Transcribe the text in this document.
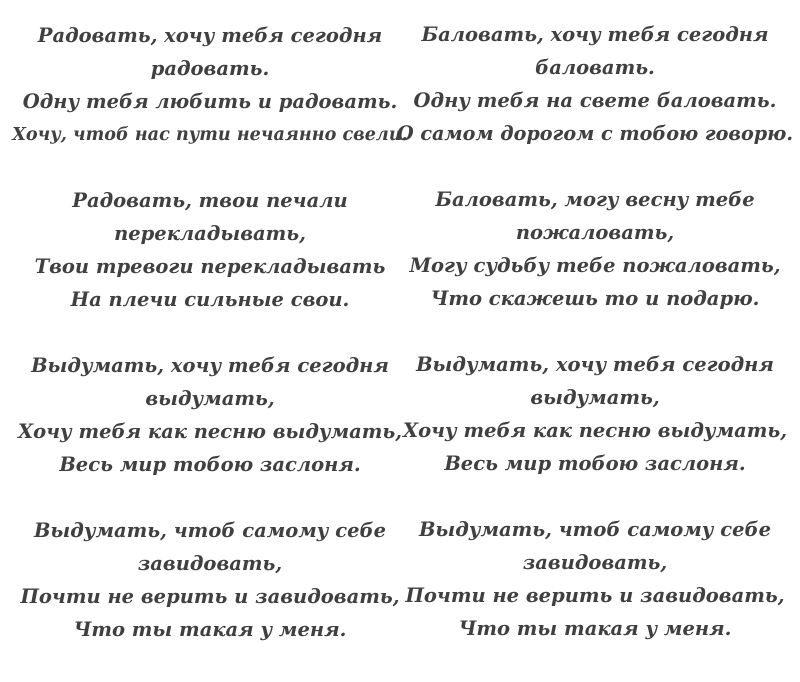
Радовать, хочу тебя сегодня
радовать.
Одну тебя любить и радовать.
Хочу, чтоб нас пути нечаянно свели.
Радовать, твои печали
перекладывать,
Твои тревоги перекладывать
На плечи сильные свои.
Выдумать, хочу тебя сегодня
выдумать,
Хочу тебя как песню выдумать,
Весь мир тобою заслоня.
Выдумать, чтоб самому себе
завидовать,
Почти не верить и завидовать,
Что ты такая у меня.
Баловать, хочу тебя сегодня
баловать.
Одну тебя на свете баловать.
О самом дорогом с тобою говорю.
Баловать, могу весну тебе
пожаловать,
Могу судьбу тебе пожаловать,
Что скажешь то и подарю.
Выдумать, хочу тебя сегодня
выдумать,
Хочу тебя как песню выдумать,
Весь мир тобою заслоня.
Выдумать, чтоб самому себе
завидовать,
Почти не верить и завидовать,
Что ты такая у меня.
